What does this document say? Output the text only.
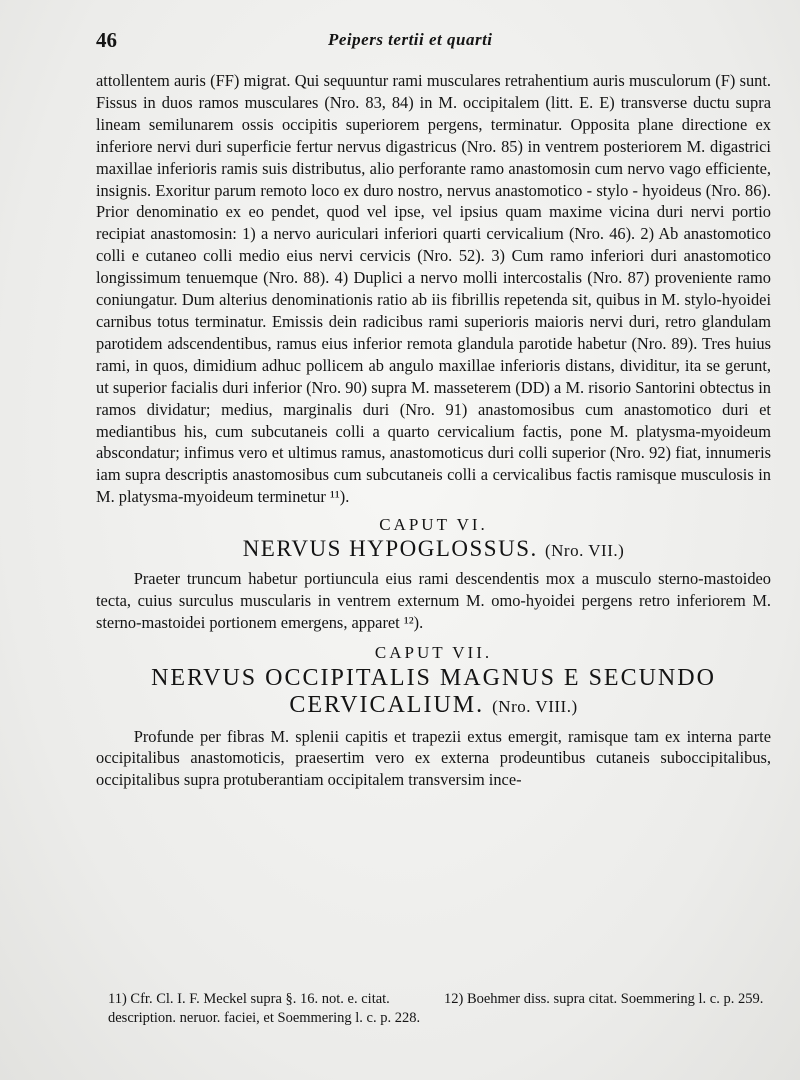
46	Peipers tertii et quarti

attollentem auris (FF) migrat. Qui sequuntur rami musculares retrahentium auris musculorum (F) sunt. Fissus in duos ramos musculares (Nro. 83, 84) in M. occipitalem (litt. E. E) transverse ductu supra lineam semilunarem ossis occipitis superiorem pergens, terminatur. Opposita plane directione ex inferiore nervi duri superficie fertur nervus digastricus (Nro. 85) in ventrem posteriorem M. digastrici maxillae inferioris ramis suis distributus, alio perforante ramo anastomosin cum nervo vago efficiente, insignis. Exoritur parum remoto loco ex duro nostro, nervus anastomotico - stylo - hyoideus (Nro. 86). Prior denominatio ex eo pendet, quod vel ipse, vel ipsius quam maxime vicina duri nervi portio recipiat anastomosin: 1) a nervo auriculari inferiori quarti cervicalium (Nro. 46). 2) Ab anastomotico colli e cutaneo colli medio eius nervi cervicis (Nro. 52). 3) Cum ramo inferiori duri anastomotico longissimum tenuemque (Nro. 88). 4) Duplici a nervo molli intercostalis (Nro. 87) proveniente ramo coniungatur. Dum alterius denominationis ratio ab iis fibrillis repetenda sit, quibus in M. stylo-hyoidei carnibus totus terminatur. Emissis dein radicibus rami superioris maioris nervi duri, retro glandulam parotidem adscendentibus, ramus eius inferior remota glandula parotide habetur (Nro. 89). Tres huius rami, in quos, dimidium adhuc pollicem ab angulo maxillae inferioris distans, dividitur, ita se gerunt, ut superior facialis duri inferior (Nro. 90) supra M. masseterem (DD) a M. risorio Santorini obtectus in ramos dividatur; medius, marginalis duri (Nro. 91) anastomosibus cum anastomotico duri et mediantibus his, cum subcutaneis colli a quarto cervicalium factis, pone M. platysma-myoideum abscondatur; infimus vero et ultimus ramus, anastomoticus duri colli superior (Nro. 92) fiat, innumeris iam supra descriptis anastomosibus cum subcutaneis colli a cervicalibus factis ramisque musculosis in M. platysma-myoideum terminetur ¹¹).

CAPUT VI.
NERVUS HYPOGLOSSUS. (Nro. VII.)

Praeter truncum habetur portiuncula eius rami descendentis mox a musculo sterno-mastoideo tecta, cuius surculus muscularis in ventrem externum M. omo-hyoidei pergens retro inferiorem M. sterno-mastoidei portionem emergens, apparet ¹²).

CAPUT VII.
NERVUS OCCIPITALIS MAGNUS E SECUNDO
CERVICALIUM. (Nro. VIII.)

Profunde per fibras M. splenii capitis et trapezii extus emergit, ramisque tam ex interna parte occipitalibus anastomoticis, praesertim vero ex externa prodeuntibus cutaneis suboccipitalibus, occipitalibus supra protuberantiam occipitalem transversim ince-

11) Cfr. Cl. I. F. Meckel supra §. 16. not. e. citat. description. neruor. faciei, et Soemmering l. c. p. 228.
12) Boehmer diss. supra citat. Soemmering l. c. p. 259.
